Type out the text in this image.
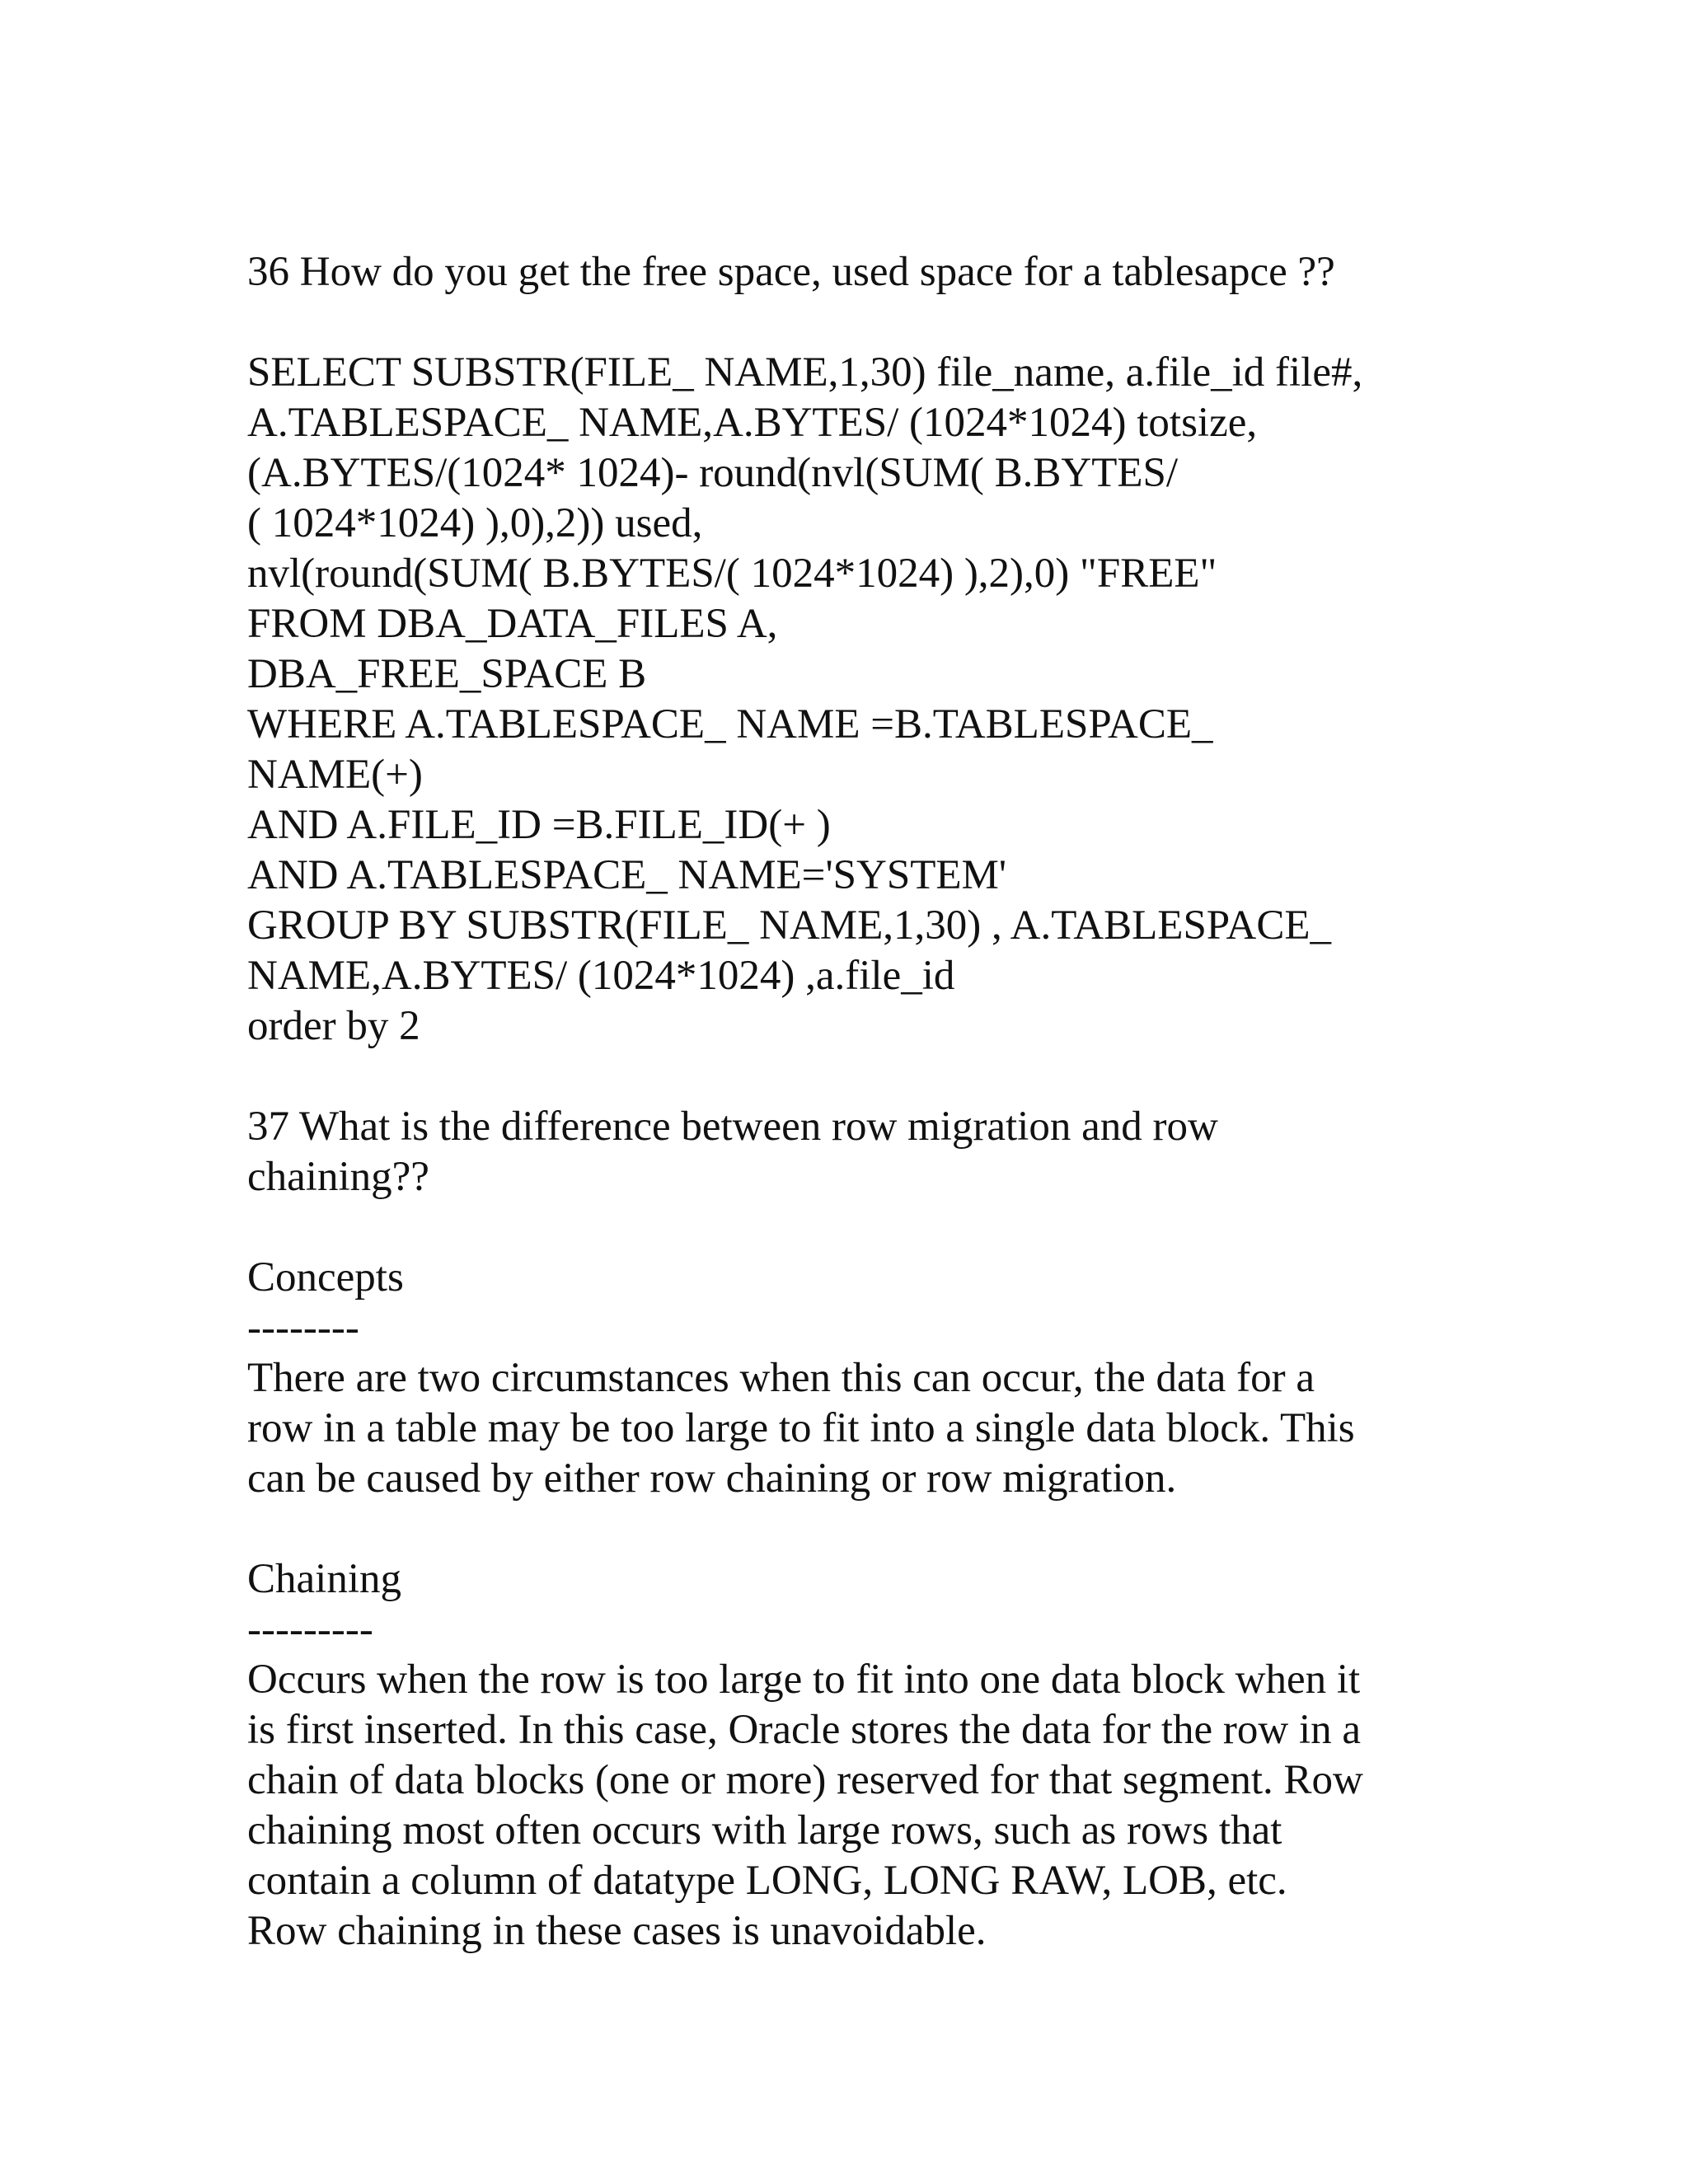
36 How do you get the free space, used space for a tablesapce ??
SELECT SUBSTR(FILE_ NAME,1,30) file_name, a.file_id file#,
A.TABLESPACE_ NAME,A.BYTES/ (1024*1024) totsize,
(A.BYTES/(1024* 1024)- round(nvl(SUM( B.BYTES/
( 1024*1024) ),0),2)) used,
nvl(round(SUM( B.BYTES/( 1024*1024) ),2),0) "FREE"
FROM DBA_DATA_FILES A,
DBA_FREE_SPACE B
WHERE A.TABLESPACE_ NAME =B.TABLESPACE_
NAME(+)
AND A.FILE_ID =B.FILE_ID(+ )
AND A.TABLESPACE_ NAME='SYSTEM'
GROUP BY SUBSTR(FILE_ NAME,1,30) , A.TABLESPACE_
NAME,A.BYTES/ (1024*1024) ,a.file_id
order by 2
37 What is the difference between row migration and row
chaining??
Concepts
--------
There are two circumstances when this can occur, the data for a
row in a table may be too large to fit into a single data block. This
can be caused by either row chaining or row migration.
Chaining
---------
Occurs when the row is too large to fit into one data block when it
is first inserted. In this case, Oracle stores the data for the row in a
chain of data blocks (one or more) reserved for that segment. Row
chaining most often occurs with large rows, such as rows that
contain a column of datatype LONG, LONG RAW, LOB, etc.
Row chaining in these cases is unavoidable.
